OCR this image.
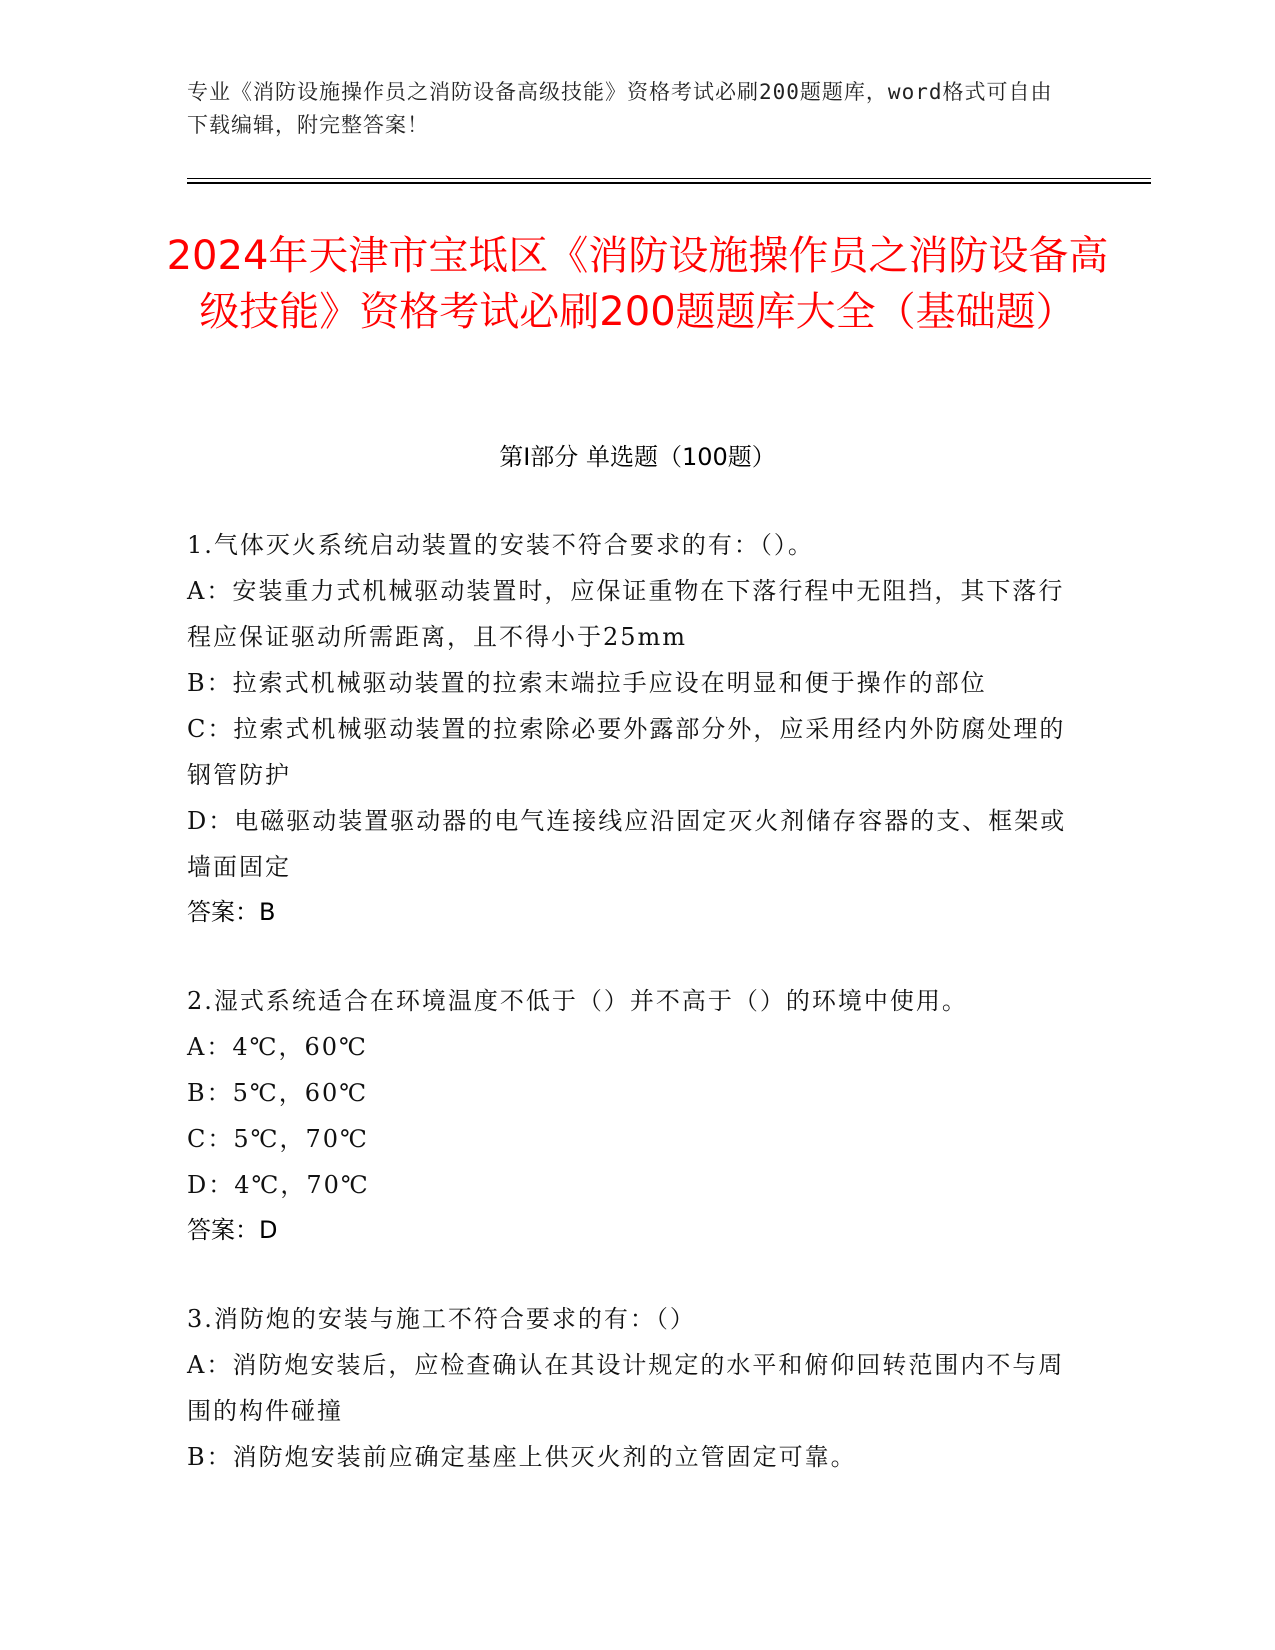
专业《消防设施操作员之消防设备高级技能》资格考试必刷200题题库，word格式可自由下载编辑，附完整答案！
2024年天津市宝坻区《消防设施操作员之消防设备高级技能》资格考试必刷200题题库大全（基础题）
第I部分 单选题（100题）
1.气体灭火系统启动装置的安装不符合要求的有：（）。
A：安装重力式机械驱动装置时，应保证重物在下落行程中无阻挡，其下落行程应保证驱动所需距离，且不得小于25mm
B：拉索式机械驱动装置的拉索末端拉手应设在明显和便于操作的部位
C：拉索式机械驱动装置的拉索除必要外露部分外，应采用经内外防腐处理的钢管防护
D：电磁驱动装置驱动器的电气连接线应沿固定灭火剂储存容器的支、框架或墙面固定
答案：B
2.湿式系统适合在环境温度不低于（）并不高于（）的环境中使用。
A：4℃，60℃
B：5℃，60℃
C：5℃，70℃
D：4℃，70℃
答案：D
3.消防炮的安装与施工不符合要求的有：（）
A：消防炮安装后，应检查确认在其设计规定的水平和俯仰回转范围内不与周围的构件碰撞
B：消防炮安装前应确定基座上供灭火剂的立管固定可靠。
